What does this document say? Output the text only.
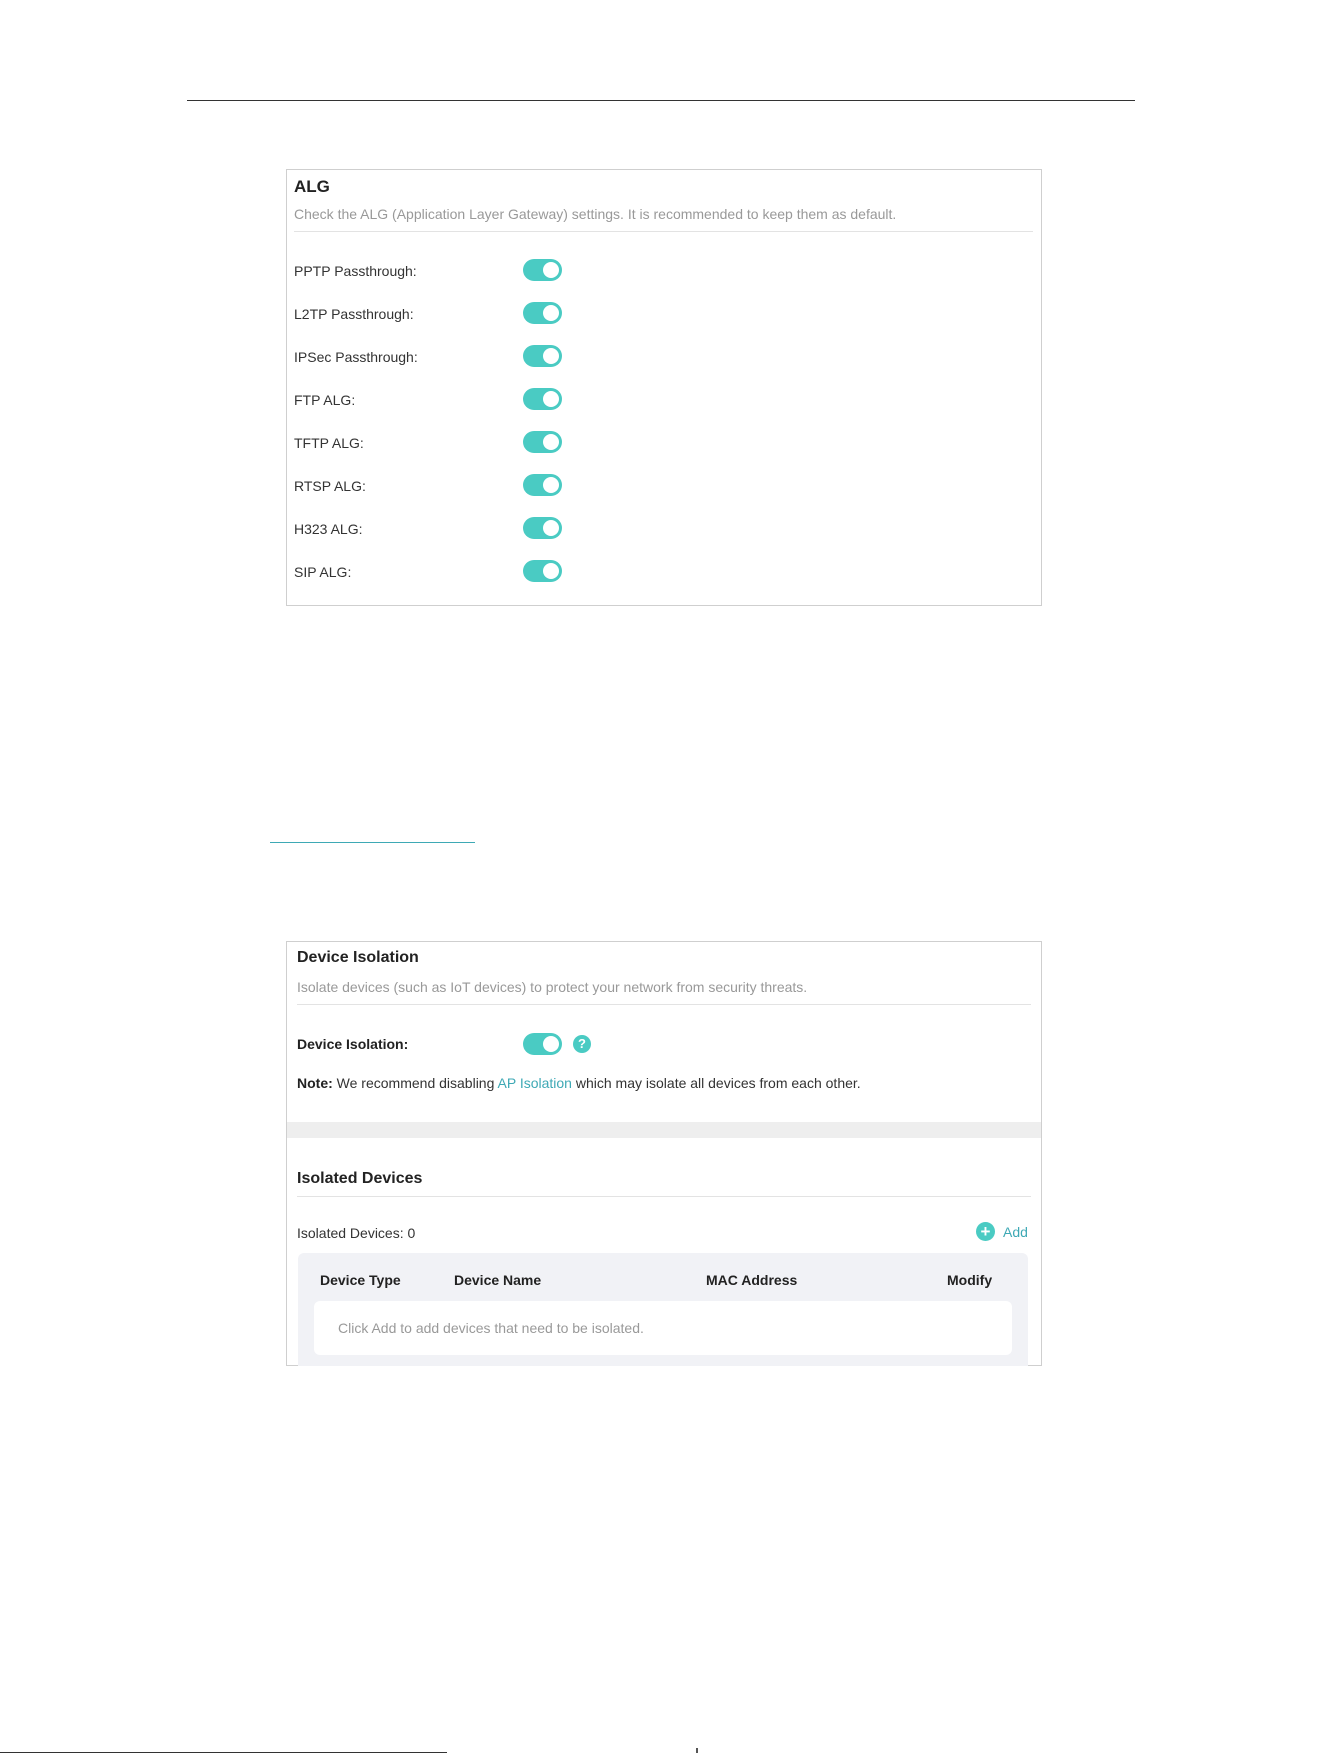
ALG
Check the ALG (Application Layer Gateway) settings. It is recommended to keep them as default.
PPTP Passthrough:
L2TP Passthrough:
IPSec Passthrough:
FTP ALG:
TFTP ALG:
RTSP ALG:
H323 ALG:
SIP ALG:
Device Isolation
Isolate devices (such as IoT devices) to protect your network from security threats.
Device Isolation:	?
Note: We recommend disabling AP Isolation which may isolate all devices from each other.
Isolated Devices
Isolated Devices: 0	+ Add
Device Type	Device Name	MAC Address	Modify
Click Add to add devices that need to be isolated.
